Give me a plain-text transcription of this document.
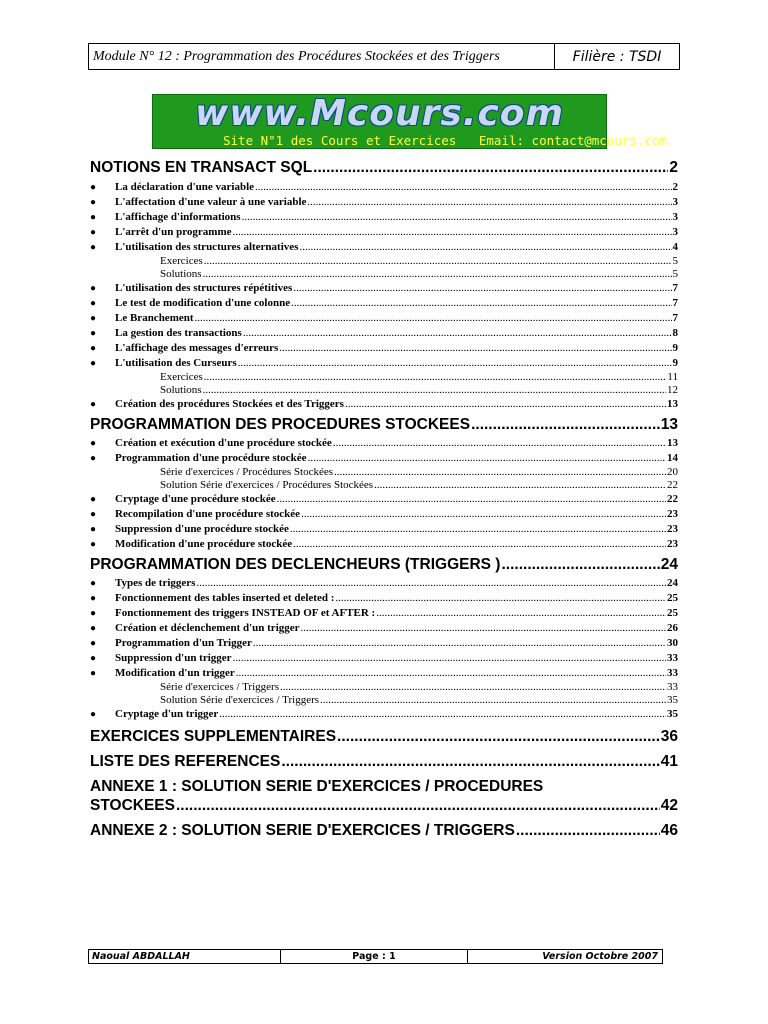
Module N° 12 : Programmation des Procédures Stockées et des Triggers	Filière : TSDI
www.Mcours.com
Site N°1 des Cours et Exercices   Email: contact@mcours.com
NOTIONS EN TRANSACT SQL .....	2
●	La déclaration d'une variable .....	2
●	L'affectation d'une valeur à une variable .....	3
●	L'affichage d'informations .....	3
●	L'arrêt d'un programme .....	3
●	L'utilisation des structures alternatives .....	4
Exercices .....	5
Solutions .....	5
●	L'utilisation des structures répétitives .....	7
●	Le test de modification d'une colonne .....	7
●	Le Branchement .....	7
●	La gestion des transactions .....	8
●	L'affichage des messages d'erreurs .....	9
●	L'utilisation des Curseurs .....	9
Exercices .....	11
Solutions .....	12
●	Création des procédures Stockées et des Triggers .....	13
PROGRAMMATION DES PROCEDURES STOCKEES .....	13
●	Création et exécution d'une procédure stockée .....	13
●	Programmation d'une procédure stockée .....	14
Série d'exercices / Procédures Stockées .....	20
Solution Série d'exercices / Procédures Stockées .....	22
●	Cryptage d'une procédure stockée .....	22
●	Recompilation d'une procédure stockée .....	23
●	Suppression d'une procédure stockée .....	23
●	Modification d'une procédure stockée .....	23
PROGRAMMATION DES DECLENCHEURS (TRIGGERS ) .....	24
●	Types de triggers .....	24
●	Fonctionnement des tables inserted et deleted : .....	25
●	Fonctionnement des triggers INSTEAD OF et AFTER : .....	25
●	Création et déclenchement d'un trigger .....	26
●	Programmation d'un Trigger .....	30
●	Suppression d'un trigger .....	33
●	Modification d'un trigger .....	33
Série d'exercices / Triggers .....	33
Solution Série d'exercices / Triggers .....	35
●	Cryptage d'un trigger .....	35
EXERCICES SUPPLEMENTAIRES .....	36
LISTE DES REFERENCES .....	41
ANNEXE 1 : SOLUTION SERIE D'EXERCICES / PROCEDURES
STOCKEES .....	42
ANNEXE 2 : SOLUTION SERIE D'EXERCICES / TRIGGERS .....	46
Naoual ABDALLAH	Page : 1	Version Octobre 2007
